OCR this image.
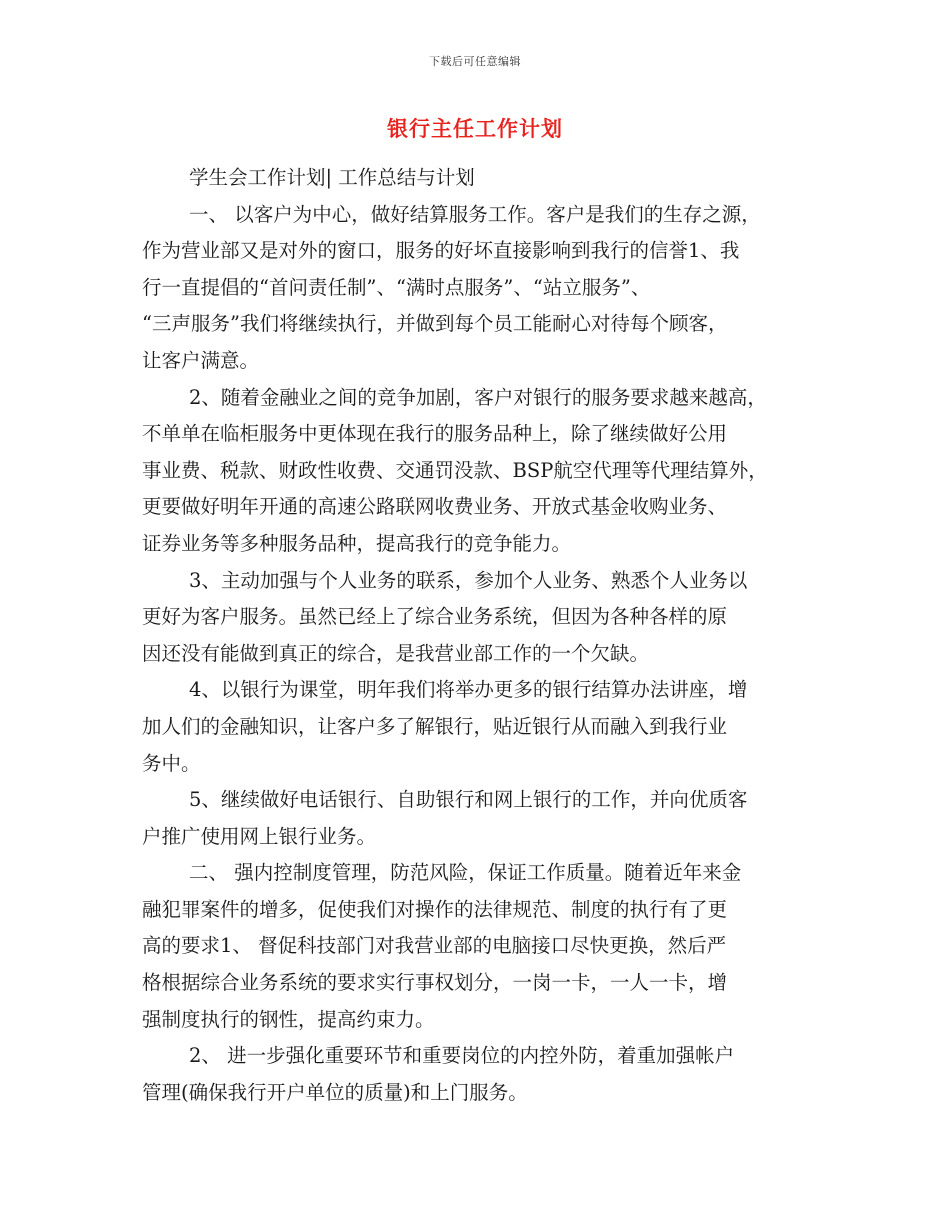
下载后可任意编辑
银行主任工作计划
学生会工作计划| 工作总结与计划
一、 以客户为中心，做好结算服务工作。客户是我们的生存之源，
作为营业部又是对外的窗口，服务的好坏直接影响到我行的信誉1、我
行一直提倡的“首问责任制”、“满时点服务”、“站立服务”、
“三声服务”我们将继续执行，并做到每个员工能耐心对待每个顾客，
让客户满意。
2、随着金融业之间的竞争加剧，客户对银行的服务要求越来越高，
不单单在临柜服务中更体现在我行的服务品种上，除了继续做好公用
事业费、税款、财政性收费、交通罚没款、BSP航空代理等代理结算外，
更要做好明年开通的高速公路联网收费业务、开放式基金收购业务、
证券业务等多种服务品种，提高我行的竞争能力。
3、主动加强与个人业务的联系，参加个人业务、熟悉个人业务以
更好为客户服务。虽然已经上了综合业务系统，但因为各种各样的原
因还没有能做到真正的综合，是我营业部工作的一个欠缺。
4、以银行为课堂，明年我们将举办更多的银行结算办法讲座，增
加人们的金融知识，让客户多了解银行，贴近银行从而融入到我行业
务中。
5、继续做好电话银行、自助银行和网上银行的工作，并向优质客
户推广使用网上银行业务。
二、 强内控制度管理，防范风险，保证工作质量。随着近年来金
融犯罪案件的增多，促使我们对操作的法律规范、制度的执行有了更
高的要求1、 督促科技部门对我营业部的电脑接口尽快更换，然后严
格根据综合业务系统的要求实行事权划分，一岗一卡，一人一卡，增
强制度执行的钢性，提高约束力。
2、 进一步强化重要环节和重要岗位的内控外防，着重加强帐户
管理(确保我行开户单位的质量)和上门服务。
